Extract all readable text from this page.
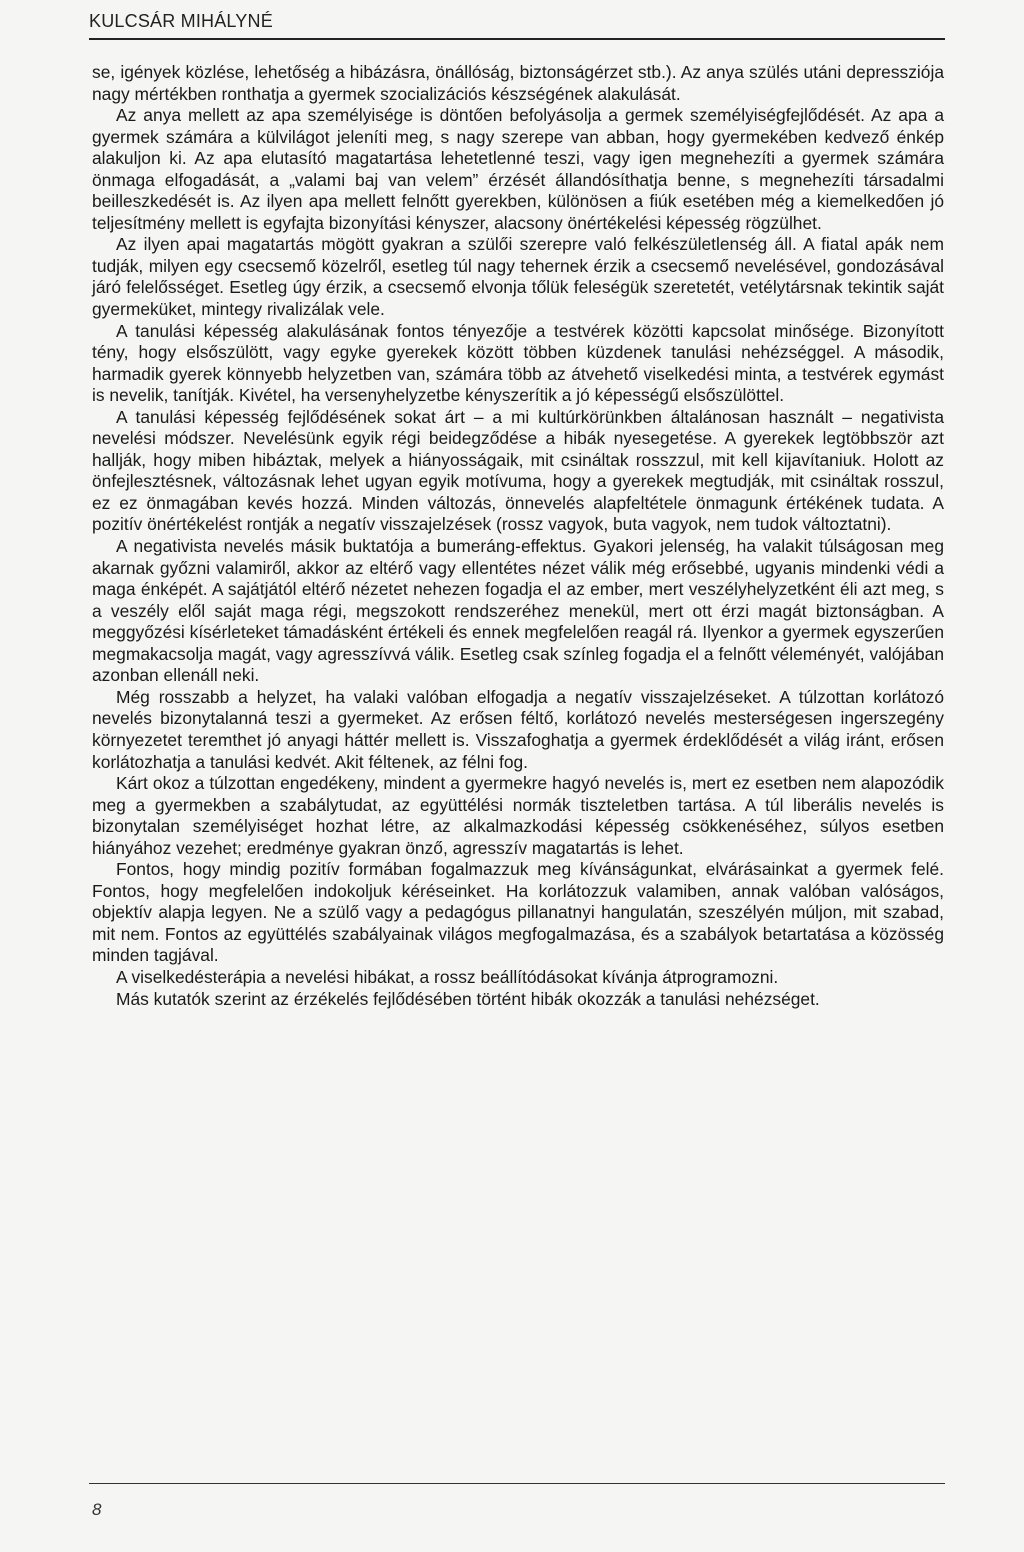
KULCSÁR MIHÁLYNÉ

se, igények közlése, lehetőség a hibázásra, önállóság, biztonságérzet stb.). Az anya szülés utáni depressziója nagy mértékben ronthatja a gyermek szocializációs készségének alakulását.

Az anya mellett az apa személyisége is döntően befolyásolja a germek személyiségfejlődését. Az apa a gyermek számára a külvilágot jeleníti meg, s nagy szerepe van abban, hogy gyermekében kedvező énkép alakuljon ki. Az apa elutasító magatartása lehetetlenné teszi, vagy igen megnehezíti a gyermek számára önmaga elfogadását, a „valami baj van velem” érzését állandósíthatja benne, s megnehezíti társadalmi beilleszkedését is. Az ilyen apa mellett felnőtt gyerekben, különösen a fiúk esetében még a kiemelkedően jó teljesítmény mellett is egyfajta bizonyítási kényszer, alacsony önértékelési képesség rögzülhet.

Az ilyen apai magatartás mögött gyakran a szülői szerepre való felkészületlenség áll. A fiatal apák nem tudják, milyen egy csecsemő közelről, esetleg túl nagy tehernek érzik a csecsemő nevelésével, gondozásával járó felelősséget. Esetleg úgy érzik, a csecsemő elvonja tőlük feleségük szeretetét, vetélytársnak tekintik saját gyermeküket, mintegy rivalizálak vele.

A tanulási képesség alakulásának fontos tényezője a testvérek közötti kapcsolat minősége. Bizonyított tény, hogy elsőszülött, vagy egyke gyerekek között többen küzdenek tanulási nehézséggel. A második, harmadik gyerek könnyebb helyzetben van, számára több az átvehető viselkedési minta, a testvérek egymást is nevelik, tanítják. Kivétel, ha versenyhelyzetbe kényszerítik a jó képességű elsőszülöttel.

A tanulási képesség fejlődésének sokat árt – a mi kultúrkörünkben általánosan használt – negativista nevelési módszer. Nevelésünk egyik régi beidegződése a hibák nyesegetése. A gyerekek legtöbbször azt hallják, hogy miben hibáztak, melyek a hiányosságaik, mit csináltak rosszzul, mit kell kijavítaniuk. Holott az önfejlesztésnek, változásnak lehet ugyan egyik motívuma, hogy a gyerekek megtudják, mit csináltak rosszul, ez ez önmagában kevés hozzá. Minden változás, önnevelés alapfeltétele önmagunk értékének tudata. A pozitív önértékelést rontják a negatív visszajelzések (rossz vagyok, buta vagyok, nem tudok változtatni).

A negativista nevelés másik buktatója a bumeráng-effektus. Gyakori jelenség, ha valakit túlságosan meg akarnak győzni valamiről, akkor az eltérő vagy ellentétes nézet válik még erősebbé, ugyanis mindenki védi a maga énképét. A sajátjától eltérő nézetet nehezen fogadja el az ember, mert veszélyhelyzetként éli azt meg, s a veszély elől saját maga régi, megszokott rendszeréhez menekül, mert ott érzi magát biztonságban. A meggyőzési kísérleteket támadásként értékeli és ennek megfelelően reagál rá. Ilyenkor a gyermek egyszerűen megmakacsolja magát, vagy agresszívvá válik. Esetleg csak színleg fogadja el a felnőtt véleményét, valójában azonban ellenáll neki.

Még rosszabb a helyzet, ha valaki valóban elfogadja a negatív visszajelzéseket. A túlzottan korlátozó nevelés bizonytalanná teszi a gyermeket. Az erősen féltő, korlátozó nevelés mesterségesen ingerszegény környezetet teremthet jó anyagi háttér mellett is. Visszafoghatja a gyermek érdeklődését a világ iránt, erősen korlátozhatja a tanulási kedvét. Akit féltenek, az félni fog.

Kárt okoz a túlzottan engedékeny, mindent a gyermekre hagyó nevelés is, mert ez esetben nem alapozódik meg a gyermekben a szabálytudat, az együttélési normák tiszteletben tartása. A túl liberális nevelés is bizonytalan személyiséget hozhat létre, az alkalmazkodási képesség csökkenéséhez, súlyos esetben hiányához vezehet; eredménye gyakran önző, agresszív magatartás is lehet.

Fontos, hogy mindig pozitív formában fogalmazzuk meg kívánságunkat, elvárásainkat a gyermek felé. Fontos, hogy megfelelően indokoljuk kéréseinket. Ha korlátozzuk valamiben, annak valóban valóságos, objektív alapja legyen. Ne a szülő vagy a pedagógus pillanatnyi hangulatán, szeszélyén múljon, mit szabad, mit nem. Fontos az együttélés szabályainak világos megfogalmazása, és a szabályok betartatása a közösség minden tagjával.

A viselkedésterápia a nevelési hibákat, a rossz beállítódásokat kívánja átprogramozni.

Más kutatók szerint az érzékelés fejlődésében történt hibák okozzák a tanulási nehézséget.

8
